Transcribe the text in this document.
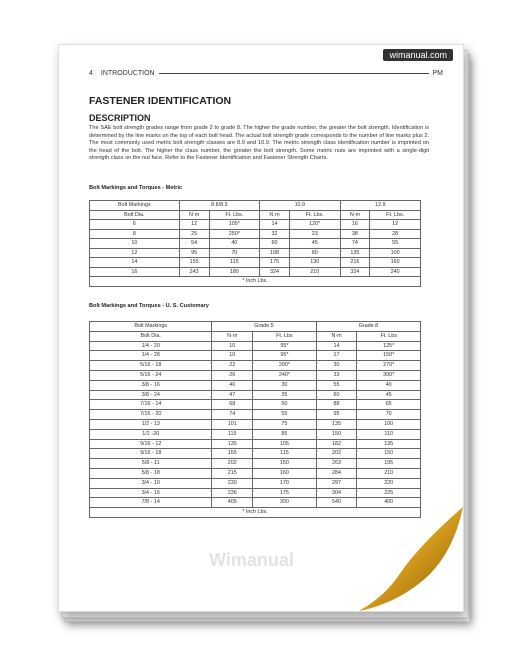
wimanual.com
4 INTRODUCTION	PM
FASTENER IDENTIFICATION
DESCRIPTION
The SAE bolt strength grades range from grade 2 to grade 8. The higher the grade number, the greater the bolt strength. Identification is determined by the line marks on the top of each bolt head. The actual bolt strength grade corresponds to the number of line marks plus 2. The most commonly used metric bolt strength classes are 8.9 and 10.9. The metric strength class identification number is imprinted on the head of the bolt. The higher the class number, the greater the bolt strength. Some metric nuts are imprinted with a single-digit strength class on the nut face. Refer to the Fastener Identification and Fastener Strength Charts.
Bolt Markings and Torques - Metric
Bolt Markings	8.8/8.9		10.9		12.9	
Bolt Dia.	N·m	Ft. Lbs.	N·m	Ft. Lbs.	N·m	Ft. Lbs.
6	12	105*	14	120*	16	12
8	25	250*	32	23	38	28
10	54	40	60	45	74	55
12	95	70	108	80	135	100
14	155	115	175	130	216	160
16	243	180	324	210	324	240
* Inch Lbs.						
Bolt Markings and Torques - U. S. Customary
Bolt Markings	Grade 5		Grade 8	
Bolt Dia.	N·m	Ft. Lbs	N·m	Ft. Lbs
1/4 - 20	10	95*	14	125*
1/4 - 28	10	95*	17	150*
5/16 - 18	22	200*	30	270*
5/16 - 24	26	240*	33	300*
3/8 - 16	40	30	55	40
3/8 - 24	47	35	60	45
7/16 - 14	68	50	88	65
7/16 - 20	74	55	95	70
1/2 - 13	101	75	135	100
1/2 -20	115	85	150	110
9/16 - 12	135	105	182	135
9/16 - 18	155	115	202	150
5/8 - 11	202	150	263	195
5/8 - 18	215	160	284	210
3/4 - 10	230	170	297	220
3/4 - 16	236	175	304	225
7/8 - 14	405	300	540	400
* Inch Lbs.				
Wimanual
